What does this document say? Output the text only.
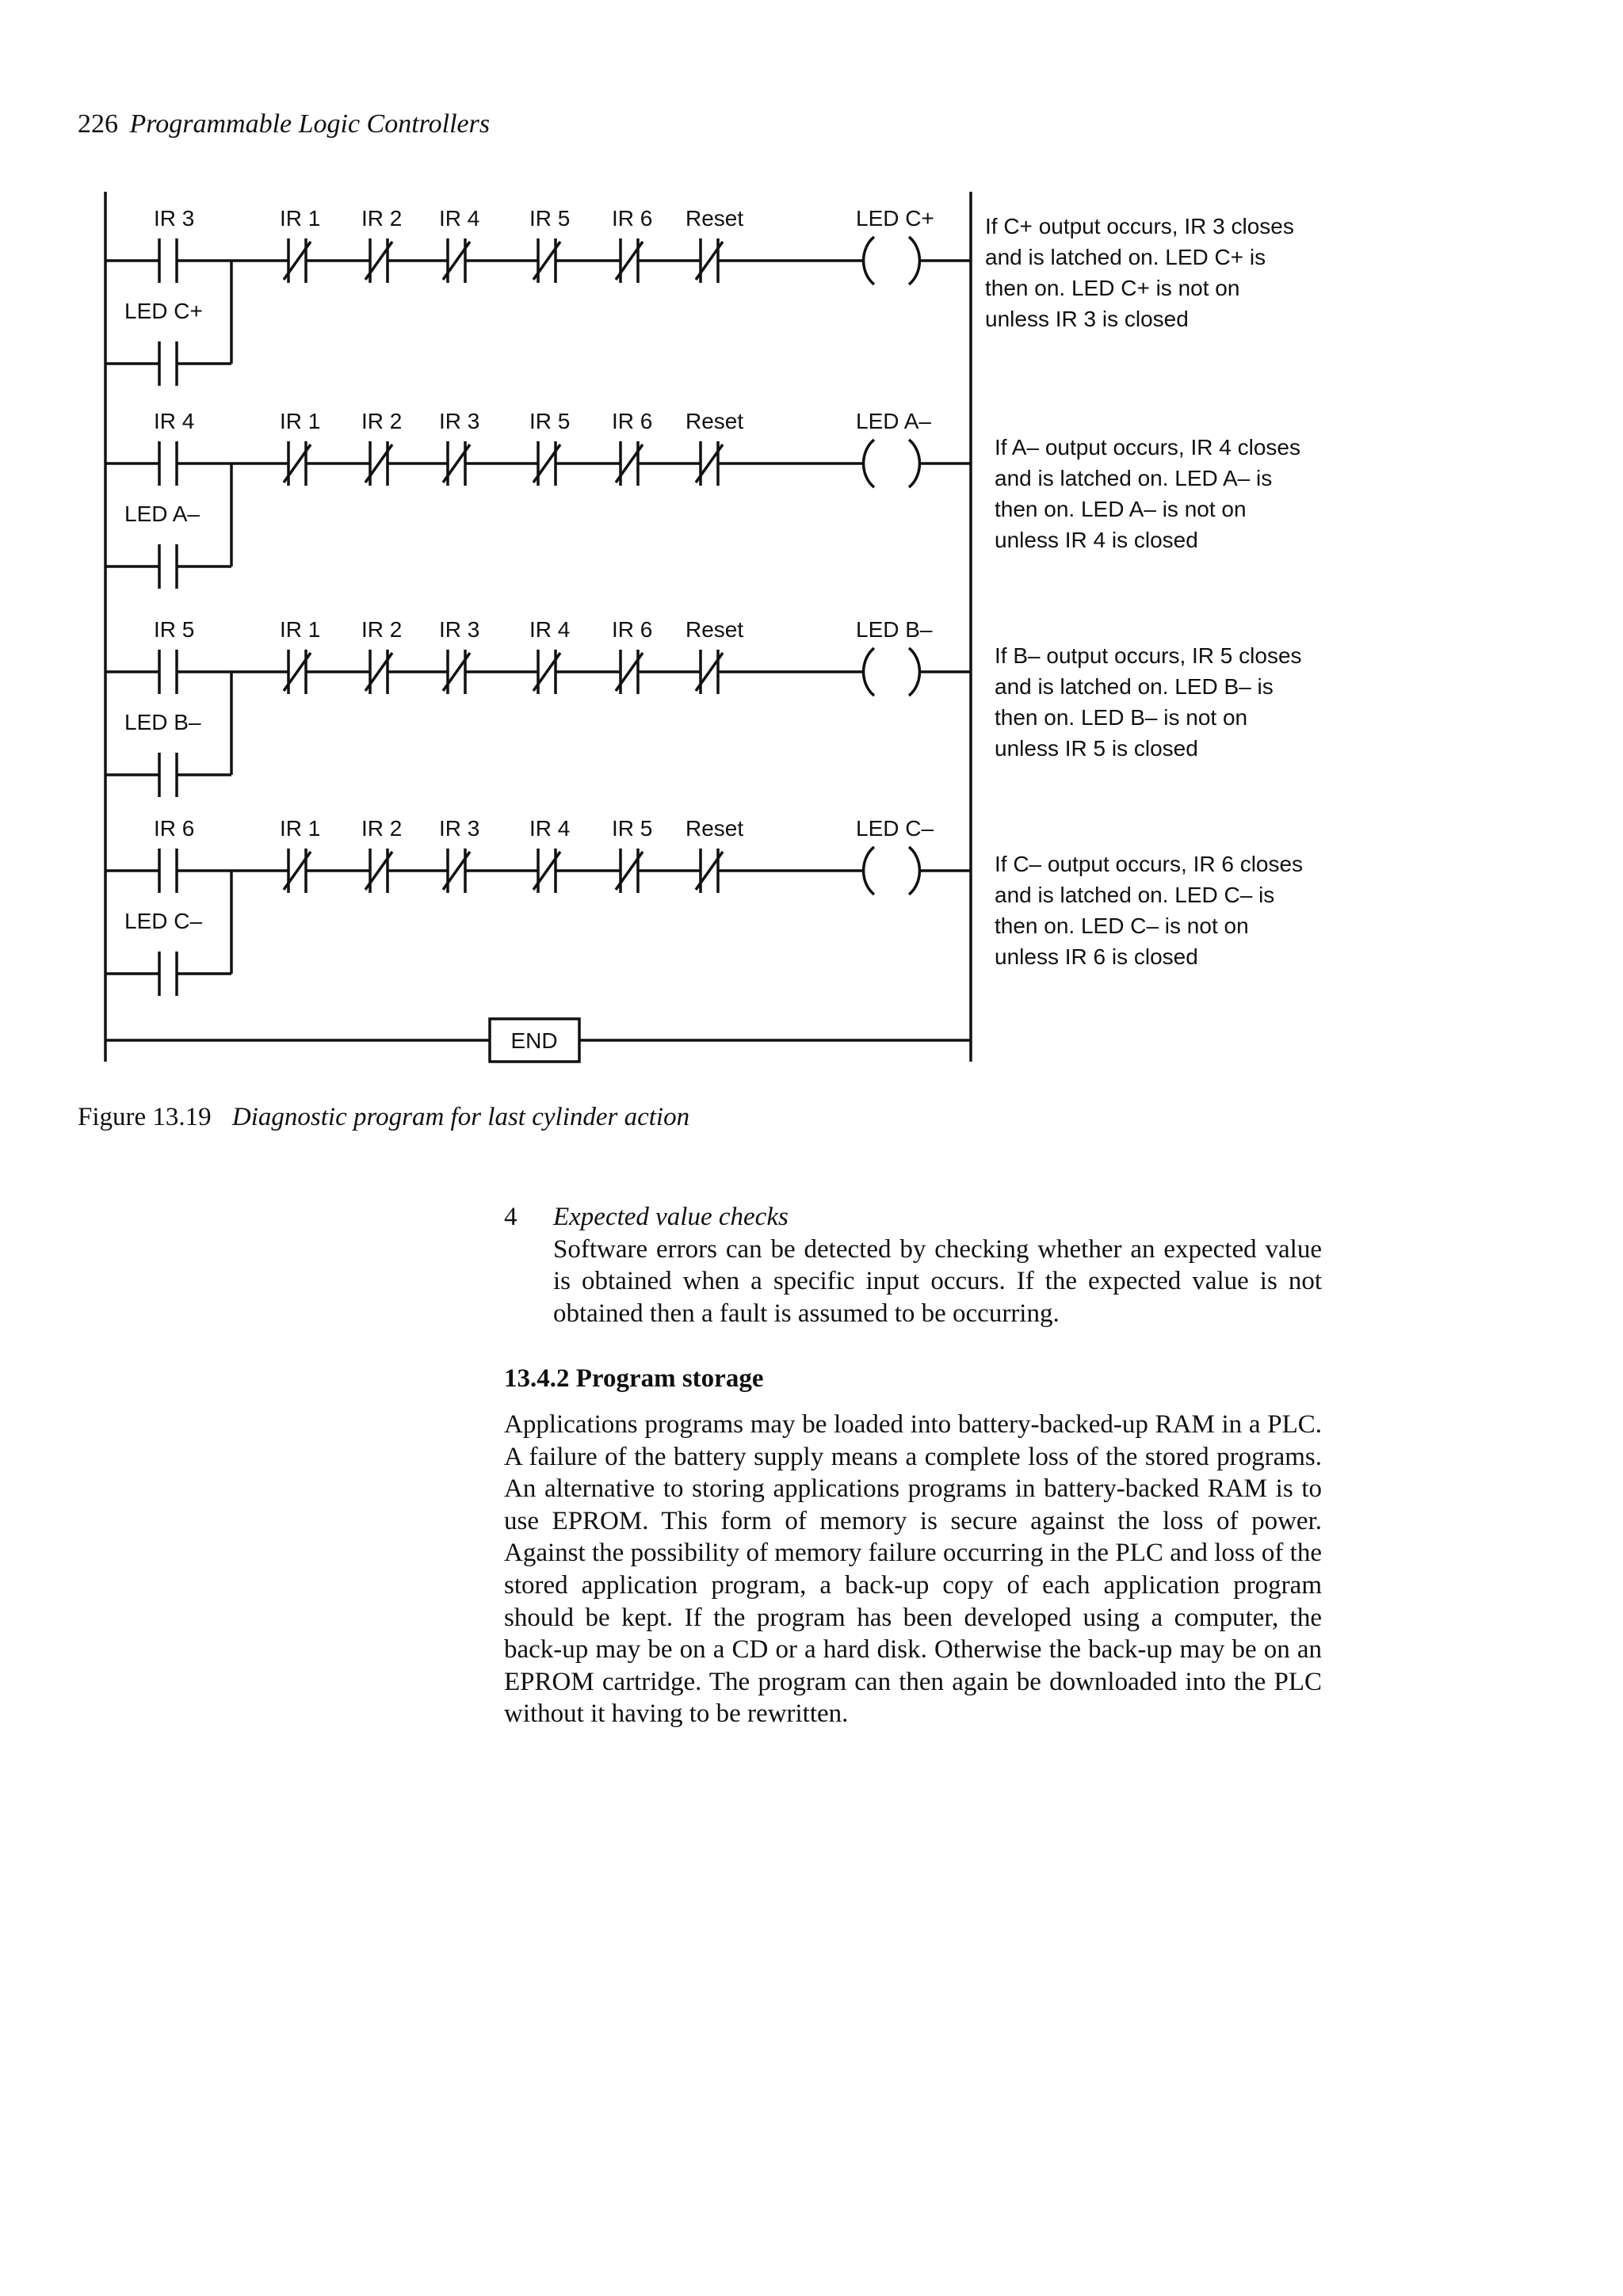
226 Programmable Logic Controllers
IR 3
LED C+
IR 1 IR 2 IR 4 IR 5 IR 6 Reset	LED C+ If C+ output occurs, IR 3 closes
and is latched on. LED C+ is
then on. LED C+ is not on
unless IR 3 is closed
IR 4
LED A–
IR 1 IR 2 IR 3 IR 5 IR 6 Reset	LED A–
If A– output occurs, IR 4 closes
and is latched on. LED A– is
then on. LED A– is not on
unless IR 4 is closed
IR 5
LED B–
IR 1 IR 2 IR 3 IR 4 IR 6 Reset	LED B–
If B– output occurs, IR 5 closes
and is latched on. LED B– is
then on. LED B– is not on
unless IR 5 is closed
IR 6
LED C–
IR 1 IR 2 IR 3 IR 4 IR 5 Reset	LED C–
If C– output occurs, IR 6 closes
and is latched on. LED C– is
then on. LED C– is not on
unless IR 6 is closed
END
Figure 13.19 Diagnostic program for last cylinder action
4 Expected value checks
Software errors can be detected by checking whether an expected value is obtained when a specific input occurs. If the expected value is not obtained then a fault is assumed to be occurring.
13.4.2 Program storage
Applications programs may be loaded into battery-backed-up RAM in a PLC. A failure of the battery supply means a complete loss of the stored programs. An alternative to storing applications programs in battery-backed RAM is to use EPROM. This form of memory is secure against the loss of power. Against the possibility of memory failure occurring in the PLC and loss of the stored application program, a back-up copy of each application program should be kept. If the program has been developed using a computer, the back-up may be on a CD or a hard disk. Otherwise the back-up may be on an EPROM cartridge. The program can then again be downloaded into the PLC without it having to be rewritten.
